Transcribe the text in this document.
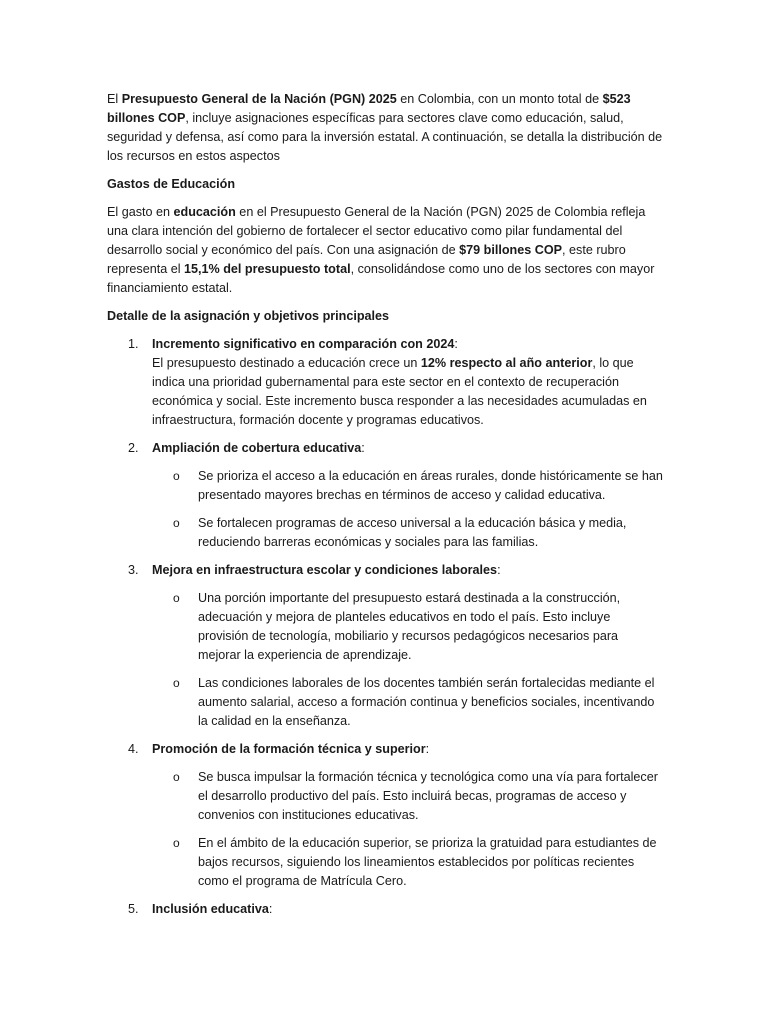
El Presupuesto General de la Nación (PGN) 2025 en Colombia, con un monto total de $523 billones COP, incluye asignaciones específicas para sectores clave como educación, salud, seguridad y defensa, así como para la inversión estatal. A continuación, se detalla la distribución de los recursos en estos aspectos

Gastos de Educación

El gasto en educación en el Presupuesto General de la Nación (PGN) 2025 de Colombia refleja una clara intención del gobierno de fortalecer el sector educativo como pilar fundamental del desarrollo social y económico del país. Con una asignación de $79 billones COP, este rubro representa el 15,1% del presupuesto total, consolidándose como uno de los sectores con mayor financiamiento estatal.

Detalle de la asignación y objetivos principales

1. Incremento significativo en comparación con 2024:

El presupuesto destinado a educación crece un 12% respecto al año anterior, lo que indica una prioridad gubernamental para este sector en el contexto de recuperación económica y social. Este incremento busca responder a las necesidades acumuladas en infraestructura, formación docente y programas educativos.

2. Ampliación de cobertura educativa:

o Se prioriza el acceso a la educación en áreas rurales, donde históricamente se han presentado mayores brechas en términos de acceso y calidad educativa.

o Se fortalecen programas de acceso universal a la educación básica y media, reduciendo barreras económicas y sociales para las familias.

3. Mejora en infraestructura escolar y condiciones laborales:

o Una porción importante del presupuesto estará destinada a la construcción, adecuación y mejora de planteles educativos en todo el país. Esto incluye provisión de tecnología, mobiliario y recursos pedagógicos necesarios para mejorar la experiencia de aprendizaje.

o Las condiciones laborales de los docentes también serán fortalecidas mediante el aumento salarial, acceso a formación continua y beneficios sociales, incentivando la calidad en la enseñanza.

4. Promoción de la formación técnica y superior:

o Se busca impulsar la formación técnica y tecnológica como una vía para fortalecer el desarrollo productivo del país. Esto incluirá becas, programas de acceso y convenios con instituciones educativas.

o En el ámbito de la educación superior, se prioriza la gratuidad para estudiantes de bajos recursos, siguiendo los lineamientos establecidos por políticas recientes como el programa de Matrícula Cero.

5. Inclusión educativa:
